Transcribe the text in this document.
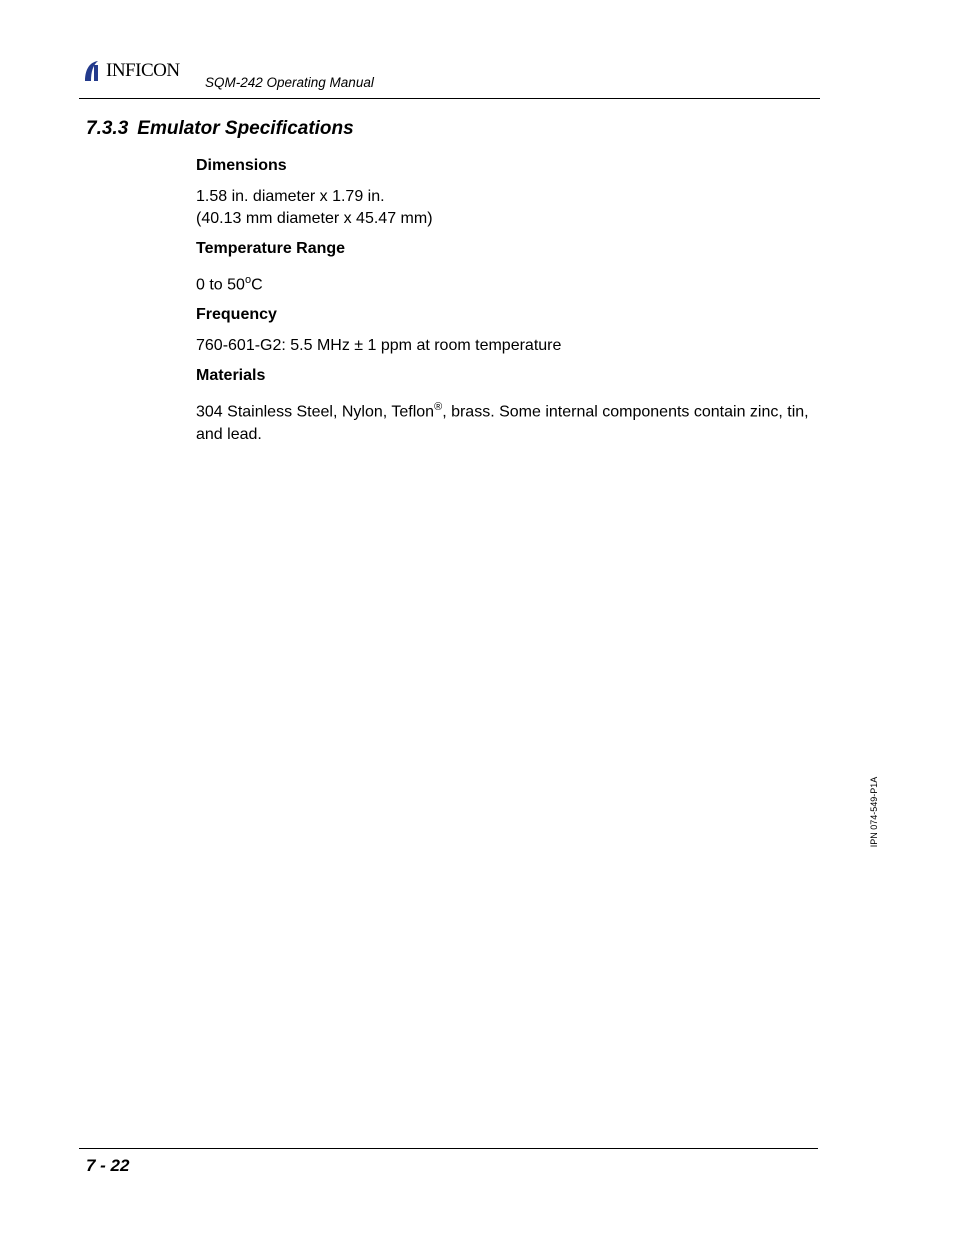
INFICON
SQM-242 Operating Manual
7.3.3 Emulator Specifications

Dimensions

1.58 in. diameter x 1.79 in.
(40.13 mm diameter x 45.47 mm)

Temperature Range

0 to 50$^o$C

Frequency

760-601-G2: 5.5 MHz ± 1 ppm at room temperature

Materials

304 Stainless Steel, Nylon, Teflon®, brass. Some internal components contain zinc, tin, and lead.
IPN 074-549-P1A
7 - 22
